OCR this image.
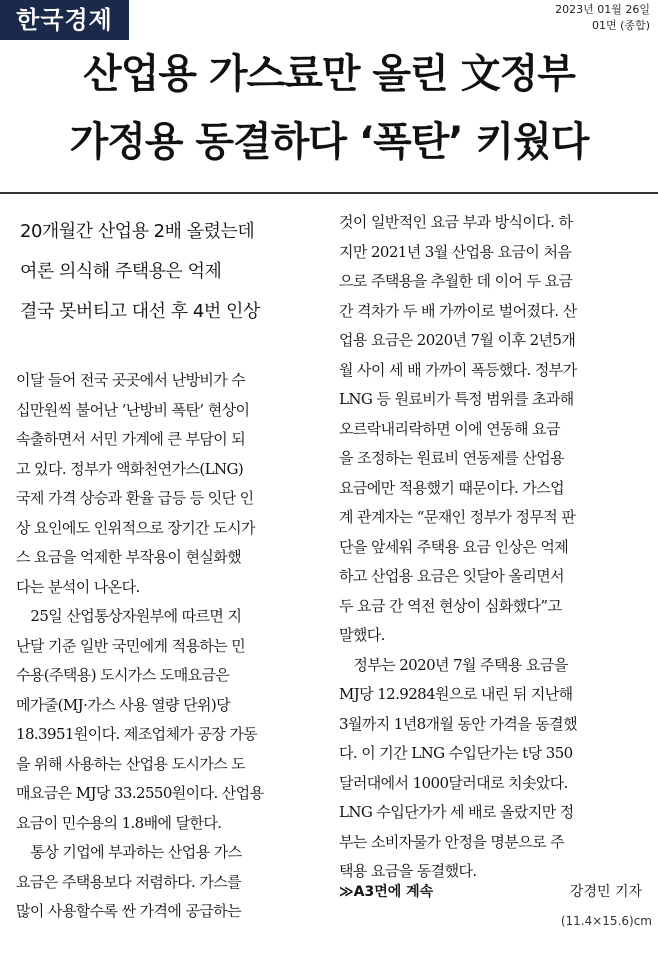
한국경제	2023년 01월 26일
01면 (종합)
산업용 가스료만 올린 文정부
가정용 동결하다 ‘폭탄’ 키웠다
20개월간 산업용 2배 올렸는데
여론 의식해 주택용은 억제
결국 못버티고 대선 후 4번 인상
이달 들어 전국 곳곳에서 난방비가 수
십만원씩 불어난 ‘난방비 폭탄’ 현상이
속출하면서 서민 가계에 큰 부담이 되
고 있다. 정부가 액화천연가스(LNG)
국제 가격 상승과 환율 급등 등 잇단 인
상 요인에도 인위적으로 장기간 도시가
스 요금을 억제한 부작용이 현실화했
다는 분석이 나온다.
　25일 산업통상자원부에 따르면 지
난달 기준 일반 국민에게 적용하는 민
수용(주택용) 도시가스 도매요금은
메가줄(MJ·가스 사용 열량 단위)당
18.3951원이다. 제조업체가 공장 가동
을 위해 사용하는 산업용 도시가스 도
매요금은 MJ당 33.2550원이다. 산업용
요금이 민수용의 1.8배에 달한다.
　통상 기업에 부과하는 산업용 가스
요금은 주택용보다 저렴하다. 가스를
많이 사용할수록 싼 가격에 공급하는
것이 일반적인 요금 부과 방식이다. 하
지만 2021년 3월 산업용 요금이 처음
으로 주택용을 추월한 데 이어 두 요금
간 격차가 두 배 가까이로 벌어졌다. 산
업용 요금은 2020년 7월 이후 2년5개
월 사이 세 배 가까이 폭등했다. 정부가
LNG 등 원료비가 특정 범위를 초과해
오르락내리락하면 이에 연동해 요금
을 조정하는 원료비 연동제를 산업용
요금에만 적용했기 때문이다. 가스업
계 관계자는 “문재인 정부가 정무적 판
단을 앞세워 주택용 요금 인상은 억제
하고 산업용 요금은 잇달아 올리면서
두 요금 간 역전 현상이 심화했다”고
말했다.
　정부는 2020년 7월 주택용 요금을
MJ당 12.9284원으로 내린 뒤 지난해
3월까지 1년8개월 동안 가격을 동결했
다. 이 기간 LNG 수입단가는 t당 350
달러대에서 1000달러대로 치솟았다.
LNG 수입단가가 세 배로 올랐지만 정
부는 소비자물가 안정을 명분으로 주
택용 요금을 동결했다.
≫A3면에 계속	강경민 기자
(11.4×15.6)cm
